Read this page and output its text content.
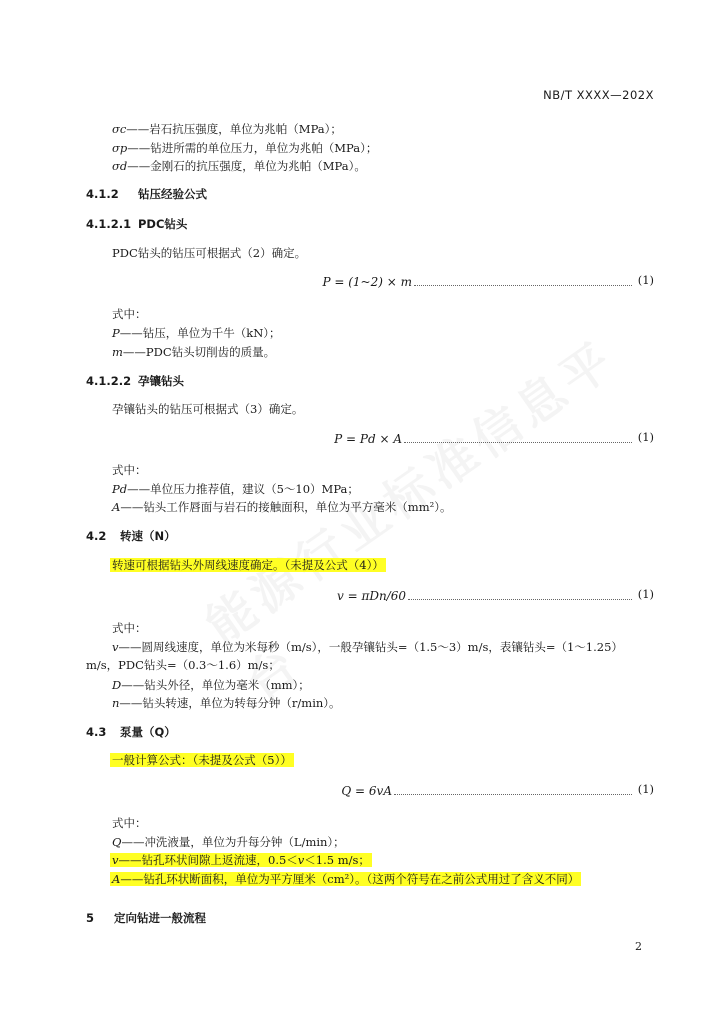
NB/T XXXX—202X
σc——岩石抗压强度，单位为兆帕（MPa）；
σp——钻进所需的单位压力，单位为兆帕（MPa）；
σd——金刚石的抗压强度，单位为兆帕（MPa）。
4.1.2 钻压经验公式
4.1.2.1 PDC钻头
PDC钻头的钻压可根据式（2）确定。
P = (1~2) × m	(1)
式中：
P——钻压，单位为千牛（kN）；
m——PDC钻头切削齿的质量。
4.1.2.2 孕镶钻头
孕镶钻头的钻压可根据式（3）确定。
P = Pd × A	(1)
式中：
Pd——单位压力推荐值，建议（5～10）MPa；
A——钻头工作唇面与岩石的接触面积，单位为平方毫米（mm²）。
4.2 转速（N）
转速可根据钻头外周线速度确定。（未提及公式（4））
v = πDn/60	(1)
式中：
v——圆周线速度，单位为米每秒（m/s），一般孕镶钻头=（1.5～3）m/s，表镶钻头=（1～1.25）
m/s，PDC钻头=（0.3～1.6）m/s；
D——钻头外径，单位为毫米（mm）；
n——钻头转速，单位为转每分钟（r/min）。
4.3 泵量（Q）
一般计算公式：（未提及公式（5））
Q = 6vA	(1)
式中：
Q——冲洗液量，单位为升每分钟（L/min）；
v——钻孔环状间隙上返流速，0.5＜v＜1.5 m/s；
A——钻孔环状断面积，单位为平方厘米（cm²）。（这两个符号在之前公式用过了含义不同）
5 定向钻进一般流程
2
